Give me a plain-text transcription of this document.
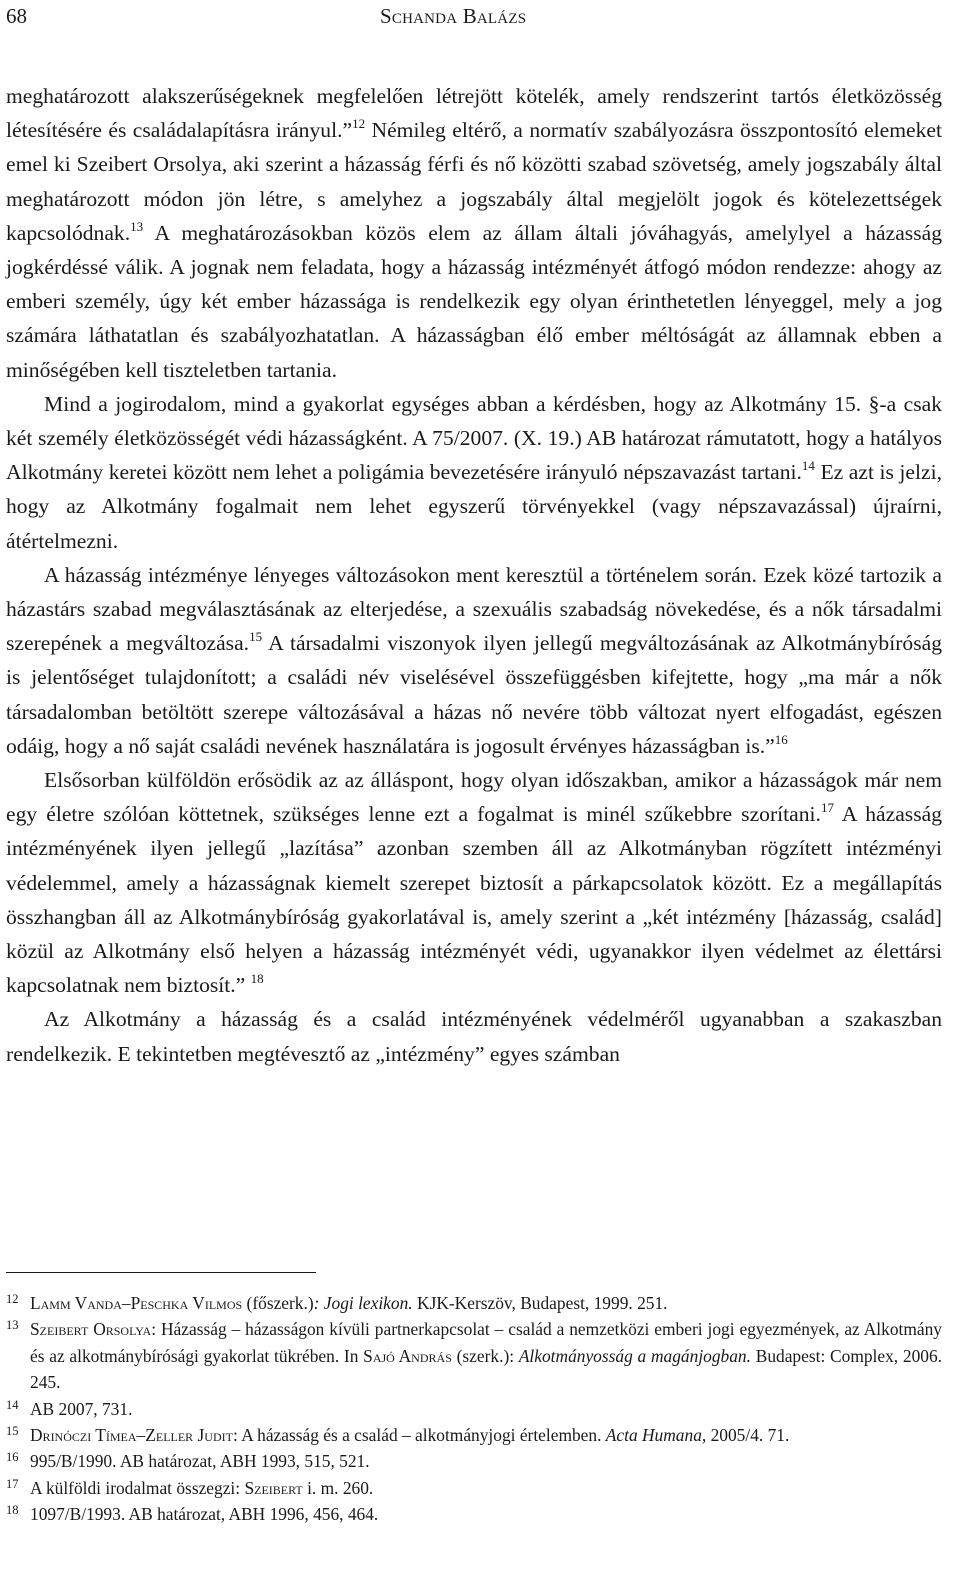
68	Schanda Balázs

meghatározott alakszerűségeknek megfelelően létrejött kötelék, amely rendszerint tartós életközösség létesítésére és családalapításra irányul.”$^{12}$ Némileg eltérő, a normatív szabályozásra összpontosító elemeket emel ki Szeibert Orsolya, aki szerint a házasság férfi és nő közötti szabad szövetség, amely jogszabály által meghatározott módon jön létre, s amelyhez a jogszabály által megjelölt jogok és kötelezettségek kapcsolódnak.$^{13}$ A meghatározásokban közös elem az állam általi jóváhagyás, amelylyel a házasság jogkérdéssé válik. A jognak nem feladata, hogy a házasság intézményét átfogó módon rendezze: ahogy az emberi személy, úgy két ember házassága is rendelkezik egy olyan érinthetetlen lényeggel, mely a jog számára láthatatlan és szabályozhatatlan. A házasságban élő ember méltóságát az államnak ebben a minőségében kell tiszteletben tartania.

Mind a jogirodalom, mind a gyakorlat egységes abban a kérdésben, hogy az Alkotmány 15. §-a csak két személy életközösségét védi házasságként. A 75/2007. (X. 19.) AB határozat rámutatott, hogy a hatályos Alkotmány keretei között nem lehet a poligámia bevezetésére irányuló népszavazást tartani.$^{14}$ Ez azt is jelzi, hogy az Alkotmány fogalmait nem lehet egyszerű törvényekkel (vagy népszavazással) újraírni, átértelmezni.

A házasság intézménye lényeges változásokon ment keresztül a történelem során. Ezek közé tartozik a házastárs szabad megválasztásának az elterjedése, a szexuális szabadság növekedése, és a nők társadalmi szerepének a megváltozása.$^{15}$ A társadalmi viszonyok ilyen jellegű megváltozásának az Alkotmánybíróság is jelentőséget tulajdonított; a családi név viselésével összefüggésben kifejtette, hogy „ma már a nők társadalomban betöltött szerepe változásával a házas nő nevére több változat nyert elfogadást, egészen odáig, hogy a nő saját családi nevének használatára is jogosult érvényes házasságban is.”$^{16}$

Elsősorban külföldön erősödik az az álláspont, hogy olyan időszakban, amikor a házasságok már nem egy életre szólóan köttetnek, szükséges lenne ezt a fogalmat is minél szűkebbre szorítani.$^{17}$ A házasság intézményének ilyen jellegű „lazítása” azonban szemben áll az Alkotmányban rögzített intézményi védelemmel, amely a házasságnak kiemelt szerepet biztosít a párkapcsolatok között. Ez a megállapítás összhangban áll az Alkotmánybíróság gyakorlatával is, amely szerint a „két intézmény [házasság, család] közül az Alkotmány első helyen a házasság intézményét védi, ugyanakkor ilyen védelmet az élettársi kapcsolatnak nem biztosít.” $^{18}$

Az Alkotmány a házasság és a család intézményének védelméről ugyanabban a szakaszban rendelkezik. E tekintetben megtévesztő az „intézmény” egyes számban

12 Lamm Vanda–Peschka Vilmos (főszerk.): Jogi lexikon. KJK-Kerszöv, Budapest, 1999. 251.
13 Szeibert Orsolya: Házasság – házasságon kívüli partnerkapcsolat – család a nemzetközi emberi jogi egyezmények, az Alkotmány és az alkotmánybírósági gyakorlat tükrében. In Sajó András (szerk.): Alkotmányosság a magánjogban. Budapest: Complex, 2006. 245.
14 AB 2007, 731.
15 Drinóczi Tímea–Zeller Judit: A házasság és a család – alkotmányjogi értelemben. Acta Humana, 2005/4. 71.
16 995/B/1990. AB határozat, ABH 1993, 515, 521.
17 A külföldi irodalmat összegzi: Szeibert i. m. 260.
18 1097/B/1993. AB határozat, ABH 1996, 456, 464.
